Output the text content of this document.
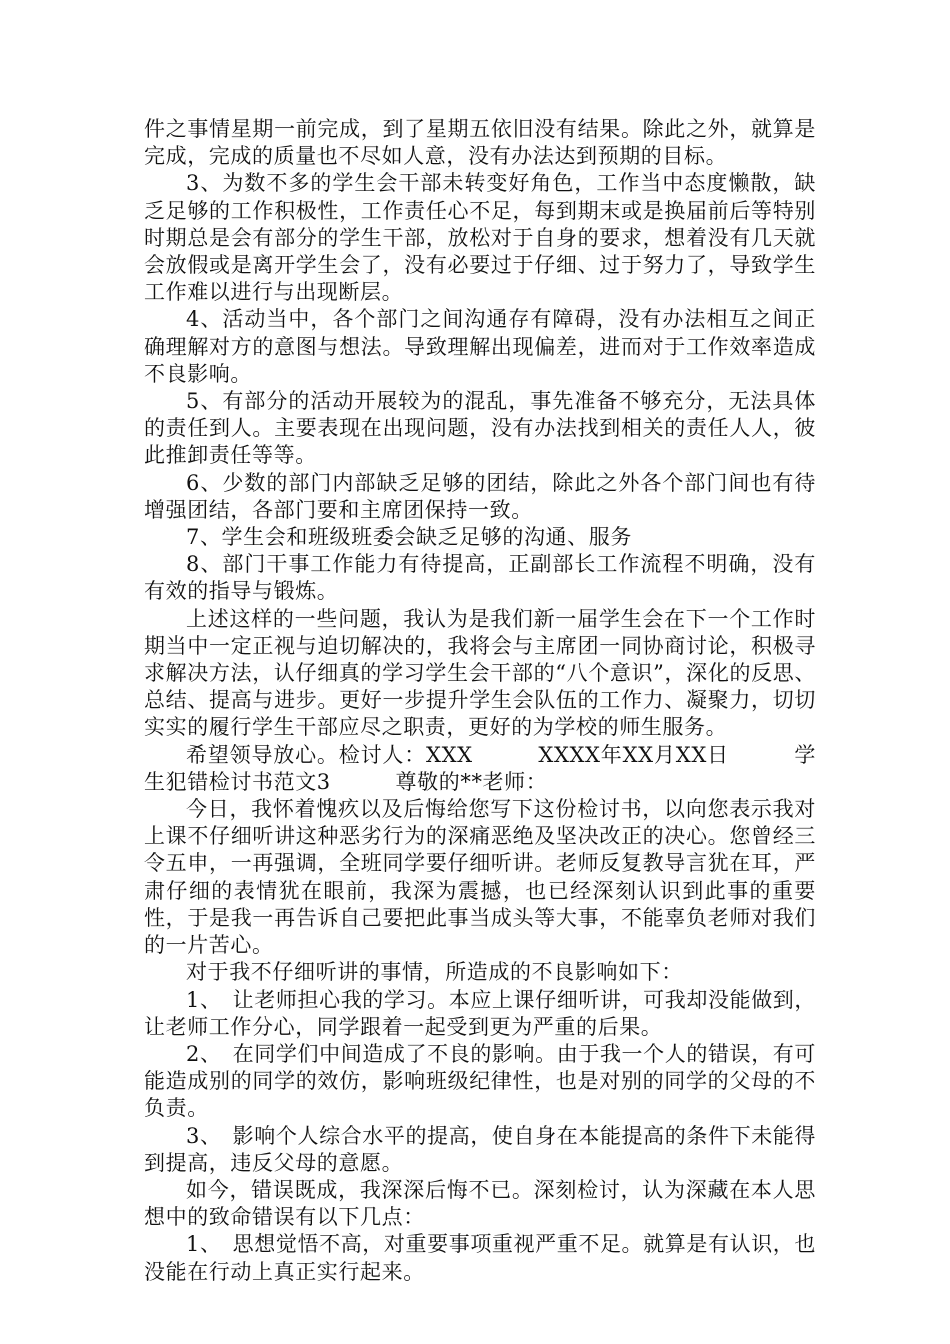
件之事情星期一前完成，到了星期五依旧没有结果。除此之外，就算是完成，完成的质量也不尽如人意，没有办法达到预期的目标。

3、为数不多的学生会干部未转变好角色，工作当中态度懒散，缺乏足够的工作积极性，工作责任心不足，每到期末或是换届前后等特别时期总是会有部分的学生干部，放松对于自身的要求，想着没有几天就会放假或是离开学生会了，没有必要过于仔细、过于努力了，导致学生工作难以进行与出现断层。

4、活动当中，各个部门之间沟通存有障碍，没有办法相互之间正确理解对方的意图与想法。导致理解出现偏差，进而对于工作效率造成不良影响。

5、有部分的活动开展较为的混乱，事先准备不够充分，无法具体的责任到人。主要表现在出现问题，没有办法找到相关的责任人人，彼此推卸责任等等。

6、少数的部门内部缺乏足够的团结，除此之外各个部门间也有待增强团结，各部门要和主席团保持一致。

7、学生会和班级班委会缺乏足够的沟通、服务

8、部门干事工作能力有待提高，正副部长工作流程不明确，没有有效的指导与锻炼。

上述这样的一些问题，我认为是我们新一届学生会在下一个工作时期当中一定正视与迫切解决的，我将会与主席团一同协商讨论，积极寻求解决方法，认仔细真的学习学生会干部的“八个意识”，深化的反思、总结、提高与进步。更好一步提升学生会队伍的工作力、凝聚力，切切实实的履行学生干部应尽之职责，更好的为学校的师生服务。

希望领导放心。检讨人：XXX　　　XXXX年XX月XX日　　　学生犯错检讨书范文3　　　尊敬的**老师：

今日，我怀着愧疚以及后悔给您写下这份检讨书，以向您表示我对上课不仔细听讲这种恶劣行为的深痛恶绝及坚决改正的决心。您曾经三令五申，一再强调，全班同学要仔细听讲。老师反复教导言犹在耳，严肃仔细的表情犹在眼前，我深为震撼，也已经深刻认识到此事的重要性，于是我一再告诉自己要把此事当成头等大事，不能辜负老师对我们的一片苦心。

对于我不仔细听讲的事情，所造成的不良影响如下：

1、　让老师担心我的学习。本应上课仔细听讲，可我却没能做到，让老师工作分心，同学跟着一起受到更为严重的后果。

2、　在同学们中间造成了不良的影响。由于我一个人的错误，有可能造成别的同学的效仿，影响班级纪律性，也是对别的同学的父母的不负责。

3、　影响个人综合水平的提高，使自身在本能提高的条件下未能得到提高，违反父母的意愿。

如今，错误既成，我深深后悔不已。深刻检讨，认为深藏在本人思想中的致命错误有以下几点：

1、　思想觉悟不高，对重要事项重视严重不足。就算是有认识，也没能在行动上真正实行起来。
